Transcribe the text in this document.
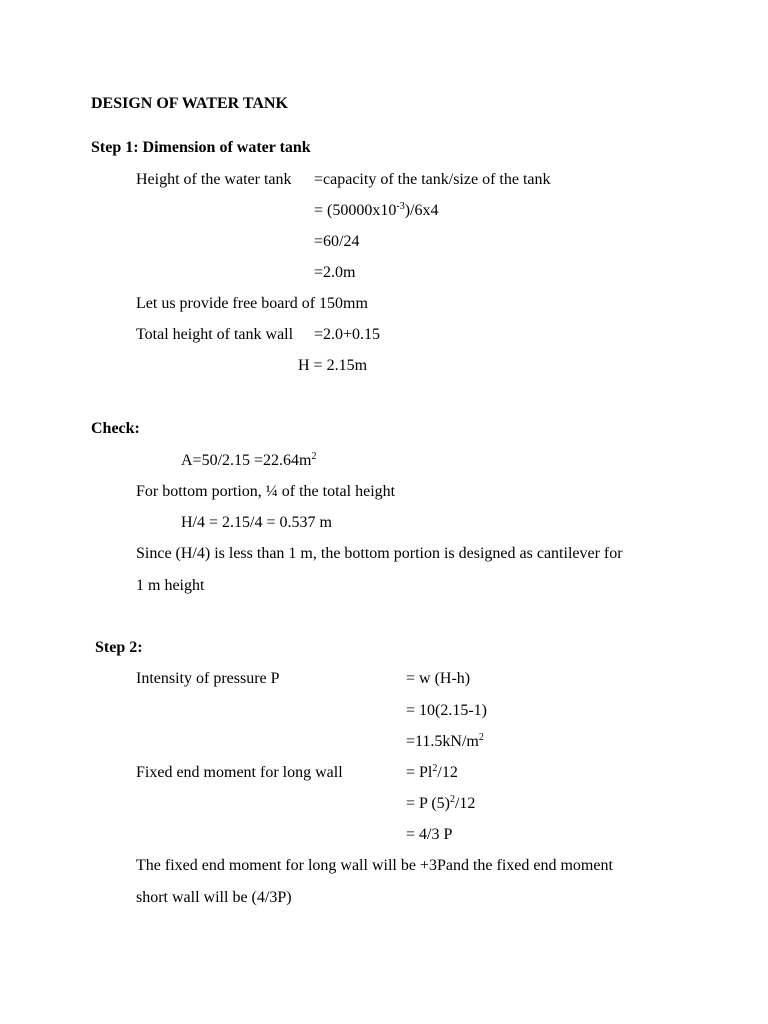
DESIGN OF WATER TANK
Step 1: Dimension of water tank
Height of the water tank =capacity of the tank/size of the tank
= $(50000x10^{-3})/6x4$
=60/24
=2.0m
Let us provide free board of 150mm
Total height of tank wall =2.0+0.15
H = 2.15m
Check:
$A=50/2.15 =22.64m^2$
For bottom portion, ¼ of the total height
H/4 = 2.15/4 = 0.537 m
Since (H/4) is less than 1 m, the bottom portion is designed as cantilever for
1 m height
Step 2:
Intensity of pressure P	= w (H-h)
= 10(2.15-1)
$=11.5kN/m^2$
Fixed end moment for long wall	= $Pl^2/12$
= P $(5)^2/12$
= 4/3 P
The fixed end moment for long wall will be +3Pand the fixed end moment
short wall will be (4/3P)
